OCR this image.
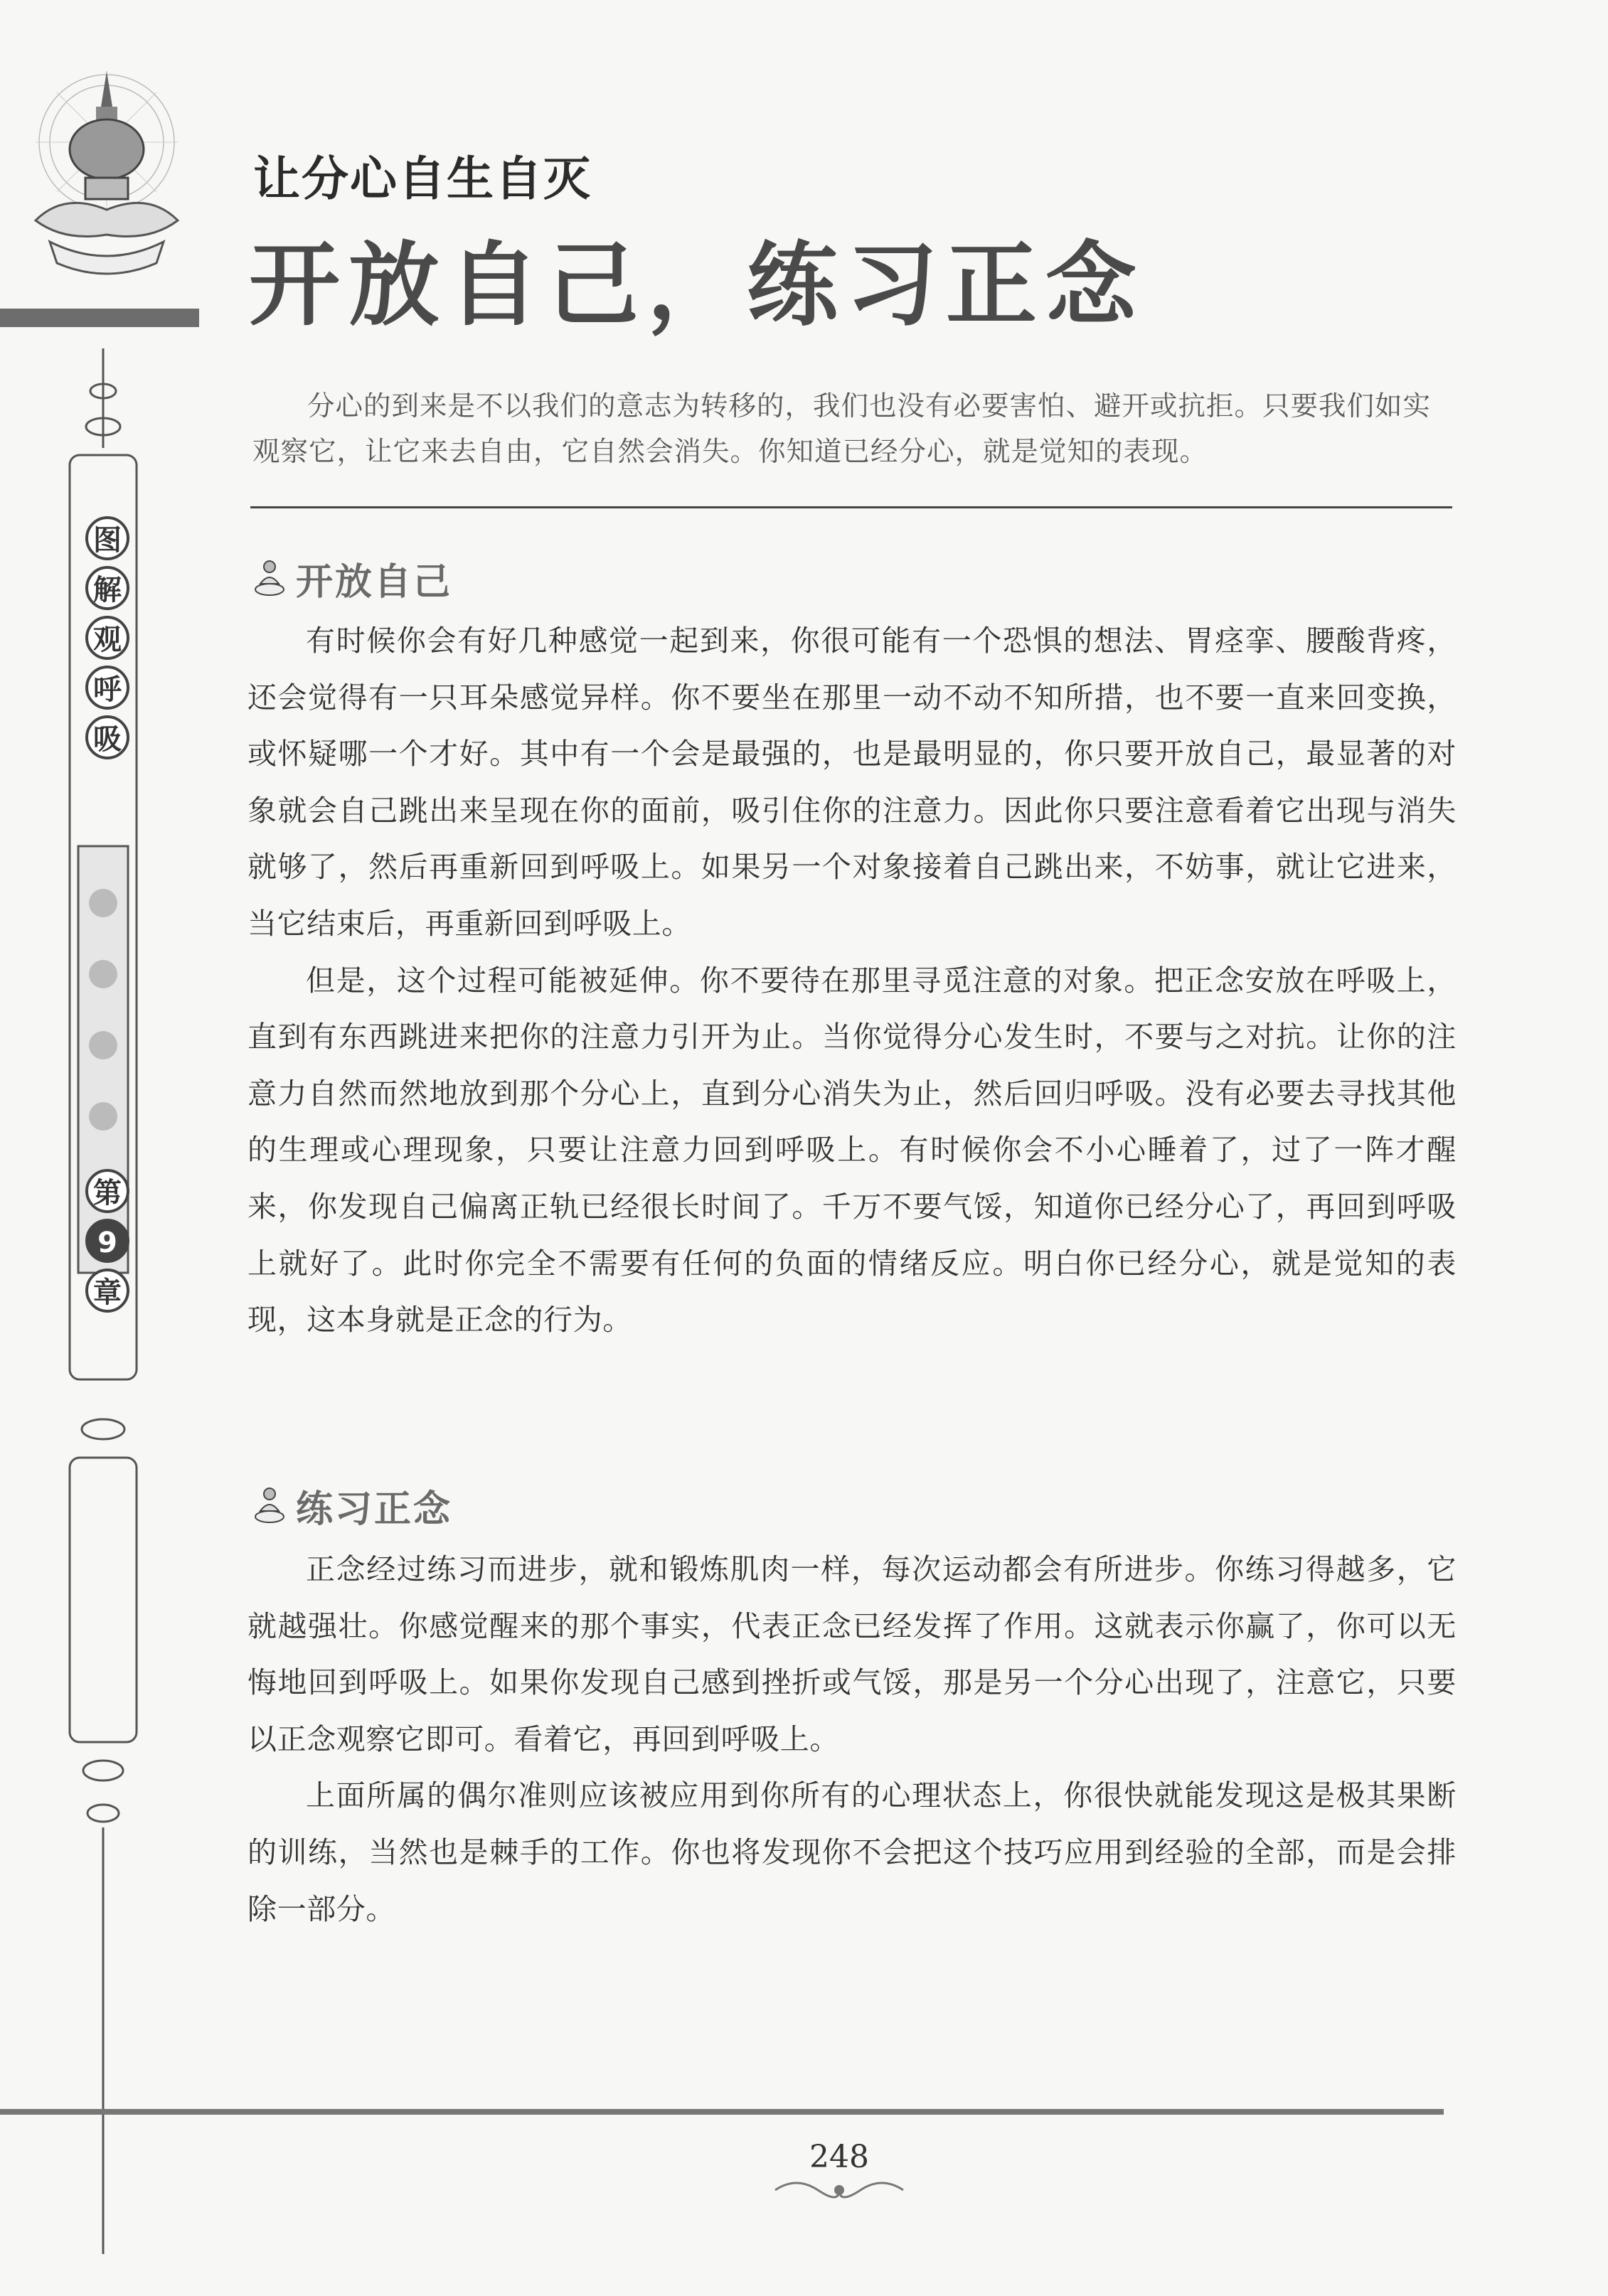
图
解
观
呼
吸
第
9
章
让分心自生自灭
开放自己，练习正念

分心的到来是不以我们的意志为转移的，我们也没有必要害怕、避开或抗拒。只要我们如实观察它，让它来去自由，它自然会消失。你知道已经分心，就是觉知的表现。

开放自己

有时候你会有好几种感觉一起到来，你很可能有一个恐惧的想法、胃痉挛、腰酸背疼，还会觉得有一只耳朵感觉异样。你不要坐在那里一动不动不知所措，也不要一直来回变换，或怀疑哪一个才好。其中有一个会是最强的，也是最明显的，你只要开放自己，最显著的对象就会自己跳出来呈现在你的面前，吸引住你的注意力。因此你只要注意看着它出现与消失就够了，然后再重新回到呼吸上。如果另一个对象接着自己跳出来，不妨事，就让它进来，当它结束后，再重新回到呼吸上。

但是，这个过程可能被延伸。你不要待在那里寻觅注意的对象。把正念安放在呼吸上，直到有东西跳进来把你的注意力引开为止。当你觉得分心发生时，不要与之对抗。让你的注意力自然而然地放到那个分心上，直到分心消失为止，然后回归呼吸。没有必要去寻找其他的生理或心理现象，只要让注意力回到呼吸上。有时候你会不小心睡着了，过了一阵才醒来，你发现自己偏离正轨已经很长时间了。千万不要气馁，知道你已经分心了，再回到呼吸上就好了。此时你完全不需要有任何的负面的情绪反应。明白你已经分心，就是觉知的表现，这本身就是正念的行为。

练习正念

正念经过练习而进步，就和锻炼肌肉一样，每次运动都会有所进步。你练习得越多，它就越强壮。你感觉醒来的那个事实，代表正念已经发挥了作用。这就表示你赢了，你可以无悔地回到呼吸上。如果你发现自己感到挫折或气馁，那是另一个分心出现了，注意它，只要以正念观察它即可。看着它，再回到呼吸上。

上面所属的偶尔准则应该被应用到你所有的心理状态上，你很快就能发现这是极其果断的训练，当然也是棘手的工作。你也将发现你不会把这个技巧应用到经验的全部，而是会排除一部分。

248
